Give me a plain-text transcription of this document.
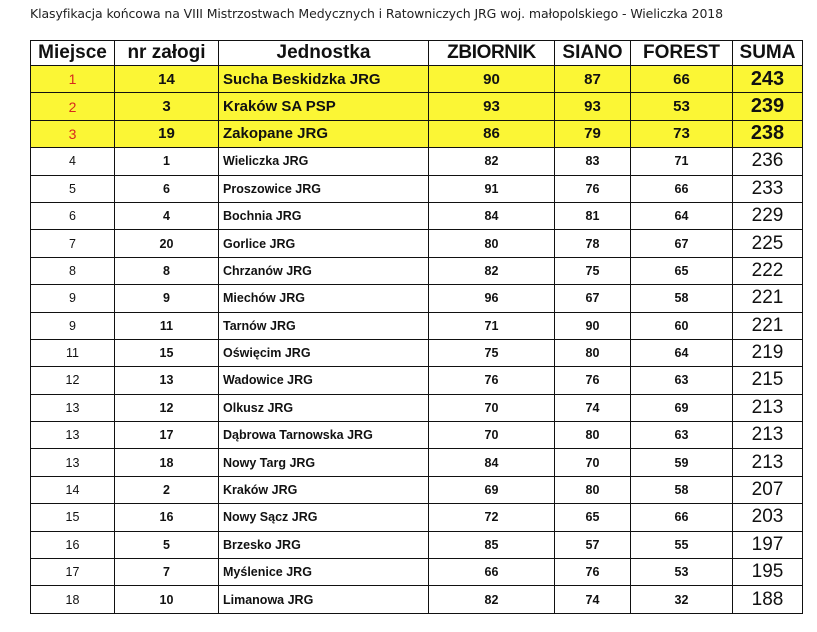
Klasyfikacja końcowa na VIII Mistrzostwach Medycznych i Ratowniczych JRG woj. małopolskiego - Wieliczka 2018
Miejsce	nr załogi	Jednostka	ZBIORNIK	SIANO	FOREST	SUMA
1	14	Sucha Beskidzka JRG	90	87	66	243
2	3	Kraków SA PSP	93	93	53	239
3	19	Zakopane JRG	86	79	73	238
4	1	Wieliczka JRG	82	83	71	236
5	6	Proszowice JRG	91	76	66	233
6	4	Bochnia JRG	84	81	64	229
7	20	Gorlice JRG	80	78	67	225
8	8	Chrzanów JRG	82	75	65	222
9	9	Miechów JRG	96	67	58	221
9	11	Tarnów JRG	71	90	60	221
11	15	Oświęcim JRG	75	80	64	219
12	13	Wadowice JRG	76	76	63	215
13	12	Olkusz JRG	70	74	69	213
13	17	Dąbrowa Tarnowska JRG	70	80	63	213
13	18	Nowy Targ JRG	84	70	59	213
14	2	Kraków JRG	69	80	58	207
15	16	Nowy Sącz JRG	72	65	66	203
16	5	Brzesko JRG	85	57	55	197
17	7	Myślenice JRG	66	76	53	195
18	10	Limanowa JRG	82	74	32	188
